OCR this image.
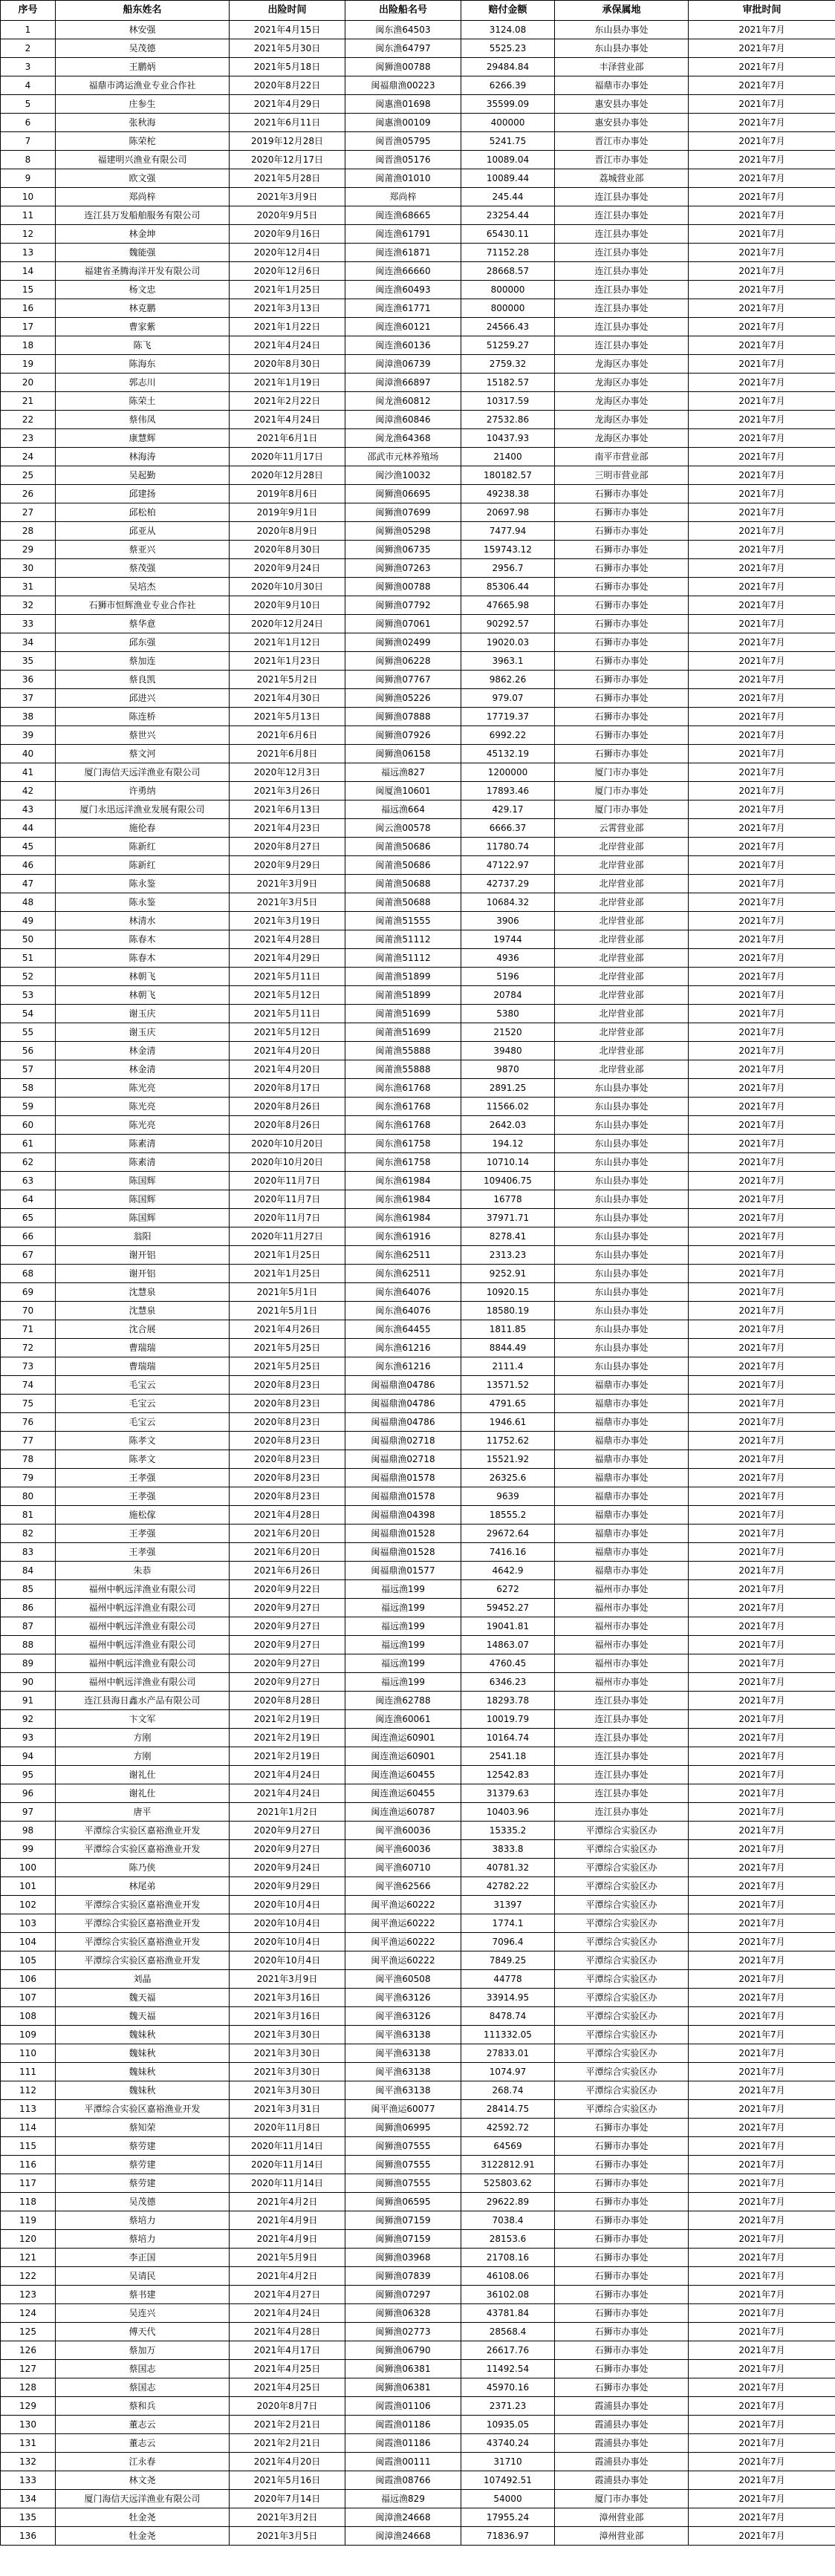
序号	船东姓名	出险时间	出险船名号	赔付金额	承保属地	审批时间
1	林安强	2021年4月15日	闽东渔64503	3124.08	东山县办事处	2021年7月
2	吴茂德	2021年5月30日	闽东渔64797	5525.23	东山县办事处	2021年7月
3	王鹏炳	2021年5月18日	闽狮渔00788	29484.84	丰泽营业部	2021年7月
4	福鼎市鸿运渔业专业合作社	2020年8月22日	闽福鼎渔00223	6266.39	福鼎市办事处	2021年7月
5	庄参生	2021年4月29日	闽惠渔01698	35599.09	惠安县办事处	2021年7月
6	张秋海	2021年6月11日	闽惠渔00109	400000	惠安县办事处	2021年7月
7	陈荣柁	2019年12月28日	闽晋渔05795	5241.75	晋江市办事处	2021年7月
8	福建明兴渔业有限公司	2020年12月17日	闽晋渔05176	10089.04	晋江市办事处	2021年7月
9	欧文强	2021年5月28日	闽莆渔01010	10089.44	荔城营业部	2021年7月
10	郑尚梓	2021年3月9日	郑尚梓	245.44	连江县办事处	2021年7月
11	连江县万发船舶服务有限公司	2020年9月5日	闽连渔68665	23254.44	连江县办事处	2021年7月
12	林金坤	2020年9月16日	闽连渔61791	65430.11	连江县办事处	2021年7月
13	魏能强	2020年12月4日	闽连渔61871	71152.28	连江县办事处	2021年7月
14	福建省圣腾海洋开发有限公司	2020年12月6日	闽连渔66660	28668.57	连江县办事处	2021年7月
15	杨文忠	2021年1月25日	闽连渔60493	800000	连江县办事处	2021年7月
16	林克鹏	2021年3月13日	闽连渔61771	800000	连江县办事处	2021年7月
17	曹家紫	2021年1月22日	闽连渔60121	24566.43	连江县办事处	2021年7月
18	陈飞	2021年4月24日	闽连渔60136	51259.27	连江县办事处	2021年7月
19	陈海东	2020年8月30日	闽漳渔06739	2759.32	龙海区办事处	2021年7月
20	郭志川	2021年1月19日	闽漳渔66897	15182.57	龙海区办事处	2021年7月
21	陈荣土	2021年2月22日	闽龙渔60812	10317.59	龙海区办事处	2021年7月
22	蔡伟凤	2021年4月24日	闽漳渔60846	27532.86	龙海区办事处	2021年7月
23	康慧辉	2021年6月1日	闽龙渔64368	10437.93	龙海区办事处	2021年7月
24	林海涛	2020年11月17日	邵武市元林养殖场	21400	南平市营业部	2021年7月
25	吴起勤	2020年12月28日	闽沙渔10032	180182.57	三明市营业部	2021年7月
26	邱建扬	2019年8月6日	闽狮渔06695	49238.38	石狮市办事处	2021年7月
27	邱松柏	2019年9月1日	闽狮渔07699	20697.98	石狮市办事处	2021年7月
28	邱亚从	2020年8月9日	闽狮渔05298	7477.94	石狮市办事处	2021年7月
29	蔡亚兴	2020年8月30日	闽狮渔06735	159743.12	石狮市办事处	2021年7月
30	蔡茂强	2020年9月24日	闽狮渔07263	2956.7	石狮市办事处	2021年7月
31	吴培杰	2020年10月30日	闽狮渔00788	85306.44	石狮市办事处	2021年7月
32	石狮市恒辉渔业专业合作社	2020年9月10日	闽狮渔07792	47665.98	石狮市办事处	2021年7月
33	蔡华意	2020年12月24日	闽狮渔07061	90292.57	石狮市办事处	2021年7月
34	邱东强	2021年1月12日	闽狮渔02499	19020.03	石狮市办事处	2021年7月
35	蔡加连	2021年1月23日	闽狮渔06228	3963.1	石狮市办事处	2021年7月
36	蔡良凯	2021年5月2日	闽狮渔07767	9862.26	石狮市办事处	2021年7月
37	邱进兴	2021年4月30日	闽狮渔05226	979.07	石狮市办事处	2021年7月
38	陈连桥	2021年5月13日	闽狮渔07888	17719.37	石狮市办事处	2021年7月
39	蔡世兴	2021年6月6日	闽狮渔07926	6992.22	石狮市办事处	2021年7月
40	蔡文河	2021年6月8日	闽狮渔06158	45132.19	石狮市办事处	2021年7月
41	厦门海信天远洋渔业有限公司	2020年12月3日	福远渔827	1200000	厦门市办事处	2021年7月
42	许勇纳	2021年3月26日	闽厦渔10601	17893.46	厦门市办事处	2021年7月
43	厦门永迅远洋渔业发展有限公司	2021年6月13日	福远渔664	429.17	厦门市办事处	2021年7月
44	施伦春	2021年4月23日	闽云渔00578	6666.37	云霄营业部	2021年7月
45	陈新红	2020年8月27日	闽莆渔50686	11780.74	北岸营业部	2021年7月
46	陈新红	2020年9月29日	闽莆渔50686	47122.97	北岸营业部	2021年7月
47	陈永鉴	2021年3月9日	闽莆渔50688	42737.29	北岸营业部	2021年7月
48	陈永鉴	2021年3月5日	闽莆渔50688	10684.32	北岸营业部	2021年7月
49	林清水	2021年3月19日	闽莆渔51555	3906	北岸营业部	2021年7月
50	陈春木	2021年4月28日	闽莆渔51112	19744	北岸营业部	2021年7月
51	陈春木	2021年4月29日	闽莆渔51112	4936	北岸营业部	2021年7月
52	林朝飞	2021年5月11日	闽莆渔51899	5196	北岸营业部	2021年7月
53	林朝飞	2021年5月12日	闽莆渔51899	20784	北岸营业部	2021年7月
54	谢玉庆	2021年5月11日	闽莆渔51699	5380	北岸营业部	2021年7月
55	谢玉庆	2021年5月12日	闽莆渔51699	21520	北岸营业部	2021年7月
56	林金清	2021年4月20日	闽莆渔55888	39480	北岸营业部	2021年7月
57	林金清	2021年4月20日	闽莆渔55888	9870	北岸营业部	2021年7月
58	陈光亮	2020年8月17日	闽东渔61768	2891.25	东山县办事处	2021年7月
59	陈光亮	2020年8月26日	闽东渔61768	11566.02	东山县办事处	2021年7月
60	陈光亮	2020年8月26日	闽东渔61768	2642.03	东山县办事处	2021年7月
61	陈素清	2020年10月20日	闽东渔61758	194.12	东山县办事处	2021年7月
62	陈素清	2020年10月20日	闽东渔61758	10710.14	东山县办事处	2021年7月
63	陈国辉	2020年11月7日	闽东渔61984	109406.75	东山县办事处	2021年7月
64	陈国辉	2020年11月7日	闽东渔61984	16778	东山县办事处	2021年7月
65	陈国辉	2020年11月7日	闽东渔61984	37971.71	东山县办事处	2021年7月
66	翁阳	2020年11月27日	闽东渔61916	8278.41	东山县办事处	2021年7月
67	谢开铝	2021年1月25日	闽东渔62511	2313.23	东山县办事处	2021年7月
68	谢开铝	2021年1月25日	闽东渔62511	9252.91	东山县办事处	2021年7月
69	沈慧泉	2021年5月1日	闽东渔64076	10920.15	东山县办事处	2021年7月
70	沈慧泉	2021年5月1日	闽东渔64076	18580.19	东山县办事处	2021年7月
71	沈合展	2021年4月26日	闽东渔64455	1811.85	东山县办事处	2021年7月
72	曹瑞瑞	2021年5月25日	闽东渔61216	8844.49	东山县办事处	2021年7月
73	曹瑞瑞	2021年5月25日	闽东渔61216	2111.4	东山县办事处	2021年7月
74	毛宝云	2020年8月23日	闽福鼎渔04786	13571.52	福鼎市办事处	2021年7月
75	毛宝云	2020年8月23日	闽福鼎渔04786	4791.65	福鼎市办事处	2021年7月
76	毛宝云	2020年8月23日	闽福鼎渔04786	1946.61	福鼎市办事处	2021年7月
77	陈孝文	2020年8月23日	闽福鼎渔02718	11752.62	福鼎市办事处	2021年7月
78	陈孝文	2020年8月23日	闽福鼎渔02718	15521.92	福鼎市办事处	2021年7月
79	王孝强	2020年8月23日	闽福鼎渔01578	26325.6	福鼎市办事处	2021年7月
80	王孝强	2020年8月23日	闽福鼎渔01578	9639	福鼎市办事处	2021年7月
81	施松傢	2021年4月28日	闽福鼎渔04398	18555.2	福鼎市办事处	2021年7月
82	王孝强	2021年6月20日	闽福鼎渔01528	29672.64	福鼎市办事处	2021年7月
83	王孝强	2021年6月20日	闽福鼎渔01528	7416.16	福鼎市办事处	2021年7月
84	朱恭	2021年6月26日	闽福鼎渔01577	4642.9	福鼎市办事处	2021年7月
85	福州中帆远洋渔业有限公司	2020年9月22日	福远渔199	6272	福州市办事处	2021年7月
86	福州中帆远洋渔业有限公司	2020年9月27日	福远渔199	59452.27	福州市办事处	2021年7月
87	福州中帆远洋渔业有限公司	2020年9月27日	福远渔199	19041.81	福州市办事处	2021年7月
88	福州中帆远洋渔业有限公司	2020年9月27日	福远渔199	14863.07	福州市办事处	2021年7月
89	福州中帆远洋渔业有限公司	2020年9月27日	福远渔199	4760.45	福州市办事处	2021年7月
90	福州中帆远洋渔业有限公司	2020年9月27日	福远渔199	6346.23	福州市办事处	2021年7月
91	连江县海日鑫水产品有限公司	2020年8月28日	闽连渔62788	18293.78	连江县办事处	2021年7月
92	卞文军	2021年2月19日	闽连渔60061	10019.79	连江县办事处	2021年7月
93	方刚	2021年2月19日	闽连渔运60901	10164.74	连江县办事处	2021年7月
94	方刚	2021年2月19日	闽连渔运60901	2541.18	连江县办事处	2021年7月
95	谢礼仕	2021年4月24日	闽连渔运60455	12542.83	连江县办事处	2021年7月
96	谢礼仕	2021年4月24日	闽连渔运60455	31379.63	连江县办事处	2021年7月
97	唐平	2021年1月2日	闽连渔运60787	10403.96	连江县办事处	2021年7月
98	平潭综合实验区嘉裕渔业开发	2020年9月27日	闽平渔60036	15335.2	平潭综合实验区办	2021年7月
99	平潭综合实验区嘉裕渔业开发	2020年9月27日	闽平渔60036	3833.8	平潭综合实验区办	2021年7月
100	陈乃侠	2020年9月24日	闽平渔60710	40781.32	平潭综合实验区办	2021年7月
101	林尾弟	2020年9月29日	闽平渔62566	42782.22	平潭综合实验区办	2021年7月
102	平潭综合实验区嘉裕渔业开发	2020年10月4日	闽平渔运60222	31397	平潭综合实验区办	2021年7月
103	平潭综合实验区嘉裕渔业开发	2020年10月4日	闽平渔运60222	1774.1	平潭综合实验区办	2021年7月
104	平潭综合实验区嘉裕渔业开发	2020年10月4日	闽平渔运60222	7096.4	平潭综合实验区办	2021年7月
105	平潭综合实验区嘉裕渔业开发	2020年10月4日	闽平渔运60222	7849.25	平潭综合实验区办	2021年7月
106	刘晶	2021年3月9日	闽平渔60508	44778	平潭综合实验区办	2021年7月
107	魏天福	2021年3月16日	闽平渔63126	33914.95	平潭综合实验区办	2021年7月
108	魏天福	2021年3月16日	闽平渔63126	8478.74	平潭综合实验区办	2021年7月
109	魏妹秋	2021年3月30日	闽平渔63138	111332.05	平潭综合实验区办	2021年7月
110	魏妹秋	2021年3月30日	闽平渔63138	27833.01	平潭综合实验区办	2021年7月
111	魏妹秋	2021年3月30日	闽平渔63138	1074.97	平潭综合实验区办	2021年7月
112	魏妹秋	2021年3月30日	闽平渔63138	268.74	平潭综合实验区办	2021年7月
113	平潭综合实验区嘉裕渔业开发	2021年3月31日	闽平渔运60077	28414.75	平潭综合实验区办	2021年7月
114	蔡知荣	2020年11月8日	闽狮渔06995	42592.72	石狮市办事处	2021年7月
115	蔡劳建	2020年11月14日	闽狮渔07555	64569	石狮市办事处	2021年7月
116	蔡劳建	2020年11月14日	闽狮渔07555	3122812.91	石狮市办事处	2021年7月
117	蔡劳建	2020年11月14日	闽狮渔07555	525803.62	石狮市办事处	2021年7月
118	吴茂德	2021年4月2日	闽狮渔06595	29622.89	石狮市办事处	2021年7月
119	蔡培力	2021年4月9日	闽狮渔07159	7038.4	石狮市办事处	2021年7月
120	蔡培力	2021年4月9日	闽狮渔07159	28153.6	石狮市办事处	2021年7月
121	李正国	2021年5月9日	闽狮渔03968	21708.16	石狮市办事处	2021年7月
122	吴请民	2021年4月2日	闽狮渔07839	46108.06	石狮市办事处	2021年7月
123	蔡书建	2021年4月27日	闽狮渔07297	36102.08	石狮市办事处	2021年7月
124	吴连兴	2021年4月24日	闽狮渔06328	43781.84	石狮市办事处	2021年7月
125	傅天代	2021年4月28日	闽狮渔02773	28568.4	石狮市办事处	2021年7月
126	蔡加万	2021年4月17日	闽狮渔06790	26617.76	石狮市办事处	2021年7月
127	蔡国志	2021年4月25日	闽狮渔06381	11492.54	石狮市办事处	2021年7月
128	蔡国志	2021年4月25日	闽狮渔06381	45970.16	石狮市办事处	2021年7月
129	蔡和兵	2020年8月7日	闽霞渔01106	2371.23	霞浦县办事处	2021年7月
130	董志云	2021年2月21日	闽霞渔01186	10935.05	霞浦县办事处	2021年7月
131	董志云	2021年2月21日	闽霞渔01186	43740.24	霞浦县办事处	2021年7月
132	江永春	2021年4月20日	闽霞渔00111	31710	霞浦县办事处	2021年7月
133	林文尧	2021年5月16日	闽霞渔08766	107492.51	霞浦县办事处	2021年7月
134	厦门海信天远洋渔业有限公司	2020年7月14日	福远渔829	54000	厦门市办事处	2021年7月
135	牡金尧	2021年3月2日	闽漳渔24668	17955.24	漳州营业部	2021年7月
136	牡金尧	2021年3月5日	闽漳渔24668	71836.97	漳州营业部	2021年7月
